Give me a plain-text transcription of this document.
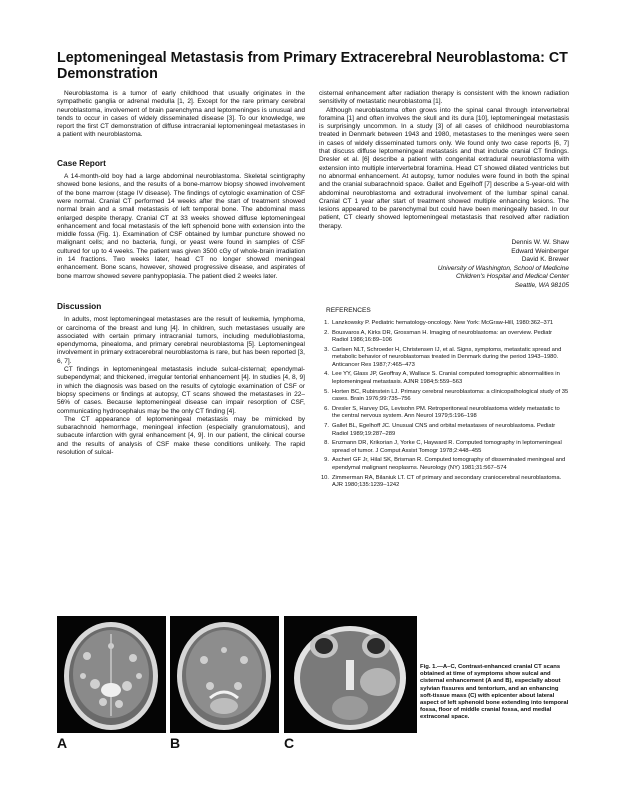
Leptomeningeal Metastasis from Primary Extracerebral Neuroblastoma: CT Demonstration

Neuroblastoma is a tumor of early childhood that usually originates in the sympathetic ganglia or adrenal medulla [1, 2]. Except for the rare primary cerebral neuroblastoma, involvement of brain parenchyma and leptomeninges is unusual and tends to occur in cases of widely disseminated disease [3]. To our knowledge, we report the first CT demonstration of diffuse intracranial leptomeningeal metastases in a patient with neuroblastoma.

Case Report

A 14-month-old boy had a large abdominal neuroblastoma. Skeletal scintigraphy showed bone lesions, and the results of a bone-marrow biopsy showed involvement of the bone marrow (stage IV disease). The findings of cytologic examination of CSF were normal. Cranial CT performed 14 weeks after the start of treatment showed normal brain and a small metastasis of left temporal bone. The abdominal mass enlarged despite therapy. Cranial CT at 33 weeks showed diffuse leptomeningeal enhancement and focal metastasis of the left sphenoid bone with extension into the middle fossa (Fig. 1). Examination of CSF obtained by lumbar puncture showed no malignant cells; and no bacteria, fungi, or yeast were found in samples of CSF cultured for up to 4 weeks. The patient was given 3500 cGy of whole-brain irradiation in 14 fractions. Two weeks later, head CT no longer showed meningeal enhancement. Bone scans, however, showed progressive disease, and aspirates of bone marrow showed severe panhypoplasia. The patient died 2 weeks later.

Discussion

In adults, most leptomeningeal metastases are the result of leukemia, lymphoma, or carcinoma of the breast and lung [4]. In children, such metastases usually are associated with certain primary intracranial tumors, including medulloblastoma, ependymoma, pinealoma, and primary cerebral neuroblastoma [5]. Leptomeningeal involvement in primary extracerebral neuroblastoma is rare, but has been reported [3, 6, 7].

CT findings in leptomeningeal metastasis include sulcal-cisternal; ependymal-subependymal; and thickened, irregular tentorial enhancement [4]. In studies [4, 8, 9] in which the diagnosis was based on the results of cytologic examination of CSF or biopsy specimens or findings at autopsy, CT scans showed the metastases in 22–56% of cases. Because leptomeningeal disease can impair resorption of CSF, communicating hydrocephalus may be the only CT finding [4].

The CT appearance of leptomeningeal metastasis may be mimicked by subarachnoid hemorrhage, meningeal infection (especially granulomatous), and subacute infarction with gyral enhancement [4, 9]. In our patient, the clinical course and the results of analysis of CSF make these conditions unlikely. The rapid resolution of sulcal-

cisternal enhancement after radiation therapy is consistent with the known radiation sensitivity of metastatic neuroblastoma [1].

Although neuroblastoma often grows into the spinal canal through intervertebral foramina [1] and often involves the skull and its dura [10], leptomeningeal metastasis is surprisingly uncommon. In a study [3] of all cases of childhood neuroblastoma treated in Denmark between 1943 and 1980, metastases to the meninges were seen in cases of widely disseminated tumors only. We found only two case reports [6, 7] that discuss diffuse leptomeningeal metastasis and that include cranial CT findings. Dresler et al. [6] describe a patient with congenital extradural neuroblastoma with extension into multiple intervertebral foramina. Head CT showed dilated ventricles but no abnormal enhancement. At autopsy, tumor nodules were found in both the spinal and the cranial subarachnoid space. Gallet and Egelhoff [7] describe a 5-year-old with abdominal neuroblastoma and extradural involvement of the lumbar spinal canal. Cranial CT 1 year after start of treatment showed multiple enhancing lesions. The lesions appeared to be parenchymal but could have been meningeally based. In our patient, CT clearly showed leptomeningeal metastasis that resolved after radiation therapy.

Dennis W. W. Shaw
Edward Weinberger
David K. Brewer
University of Washington, School of Medicine
Children's Hospital and Medical Center
Seattle, WA 98105

REFERENCES

1. Lanzkowsky P. Pediatric hematology-oncology. New York: McGraw-Hill, 1980:362–371
2. Bousvaros A, Kirks DR, Grossman H. Imaging of neuroblastoma: an overview. Pediatr Radiol 1986;16:89–106
3. Carlsen NLT, Schroeder H, Christensen IJ, et al. Signs, symptoms, metastatic spread and metabolic behavior of neuroblastomas treated in Denmark during the period 1943–1980. Anticancer Res 1987;7:465–473
4. Lee YY, Glass JP, Geoffray A, Wallace S. Cranial computed tomographic abnormalities in leptomeningeal metastasis. AJNR 1984;5:559–563
5. Horten BC, Rubinstein LJ. Primary cerebral neuroblastoma: a clinicopathological study of 35 cases. Brain 1976;99:735–756
6. Dresler S, Harvey DG, Levisohn PM. Retroperitoneal neuroblastoma widely metastatic to the central nervous system. Ann Neurol 1979;5:196–198
7. Gallet BL, Egelhoff JC. Unusual CNS and orbital metastases of neuroblastoma. Pediatr Radiol 1989;19:287–289
8. Enzmann DR, Krikorian J, Yorke C, Hayward R. Computed tomography in leptomeningeal spread of tumor. J Comput Assist Tomogr 1978;2:448–455
9. Ascherl GF Jr, Hilal SK, Brisman R. Computed tomography of disseminated meningeal and ependymal malignant neoplasms. Neurology (NY) 1981;31:567–574
10. Zimmerman RA, Bilaniuk LT. CT of primary and secondary craniocerebral neuroblastoma. AJR 1980;135:1239–1242
A	B	C
Fig. 1.—A–C, Contrast-enhanced cranial CT scans obtained at time of symptoms show sulcal and cisternal enhancement (A and B), especially about sylvian fissures and tentorium, and an enhancing soft-tissue mass (C) with epicenter about lateral aspect of left sphenoid bone extending into temporal fossa, floor of middle cranial fossa, and medial extraconal space.
